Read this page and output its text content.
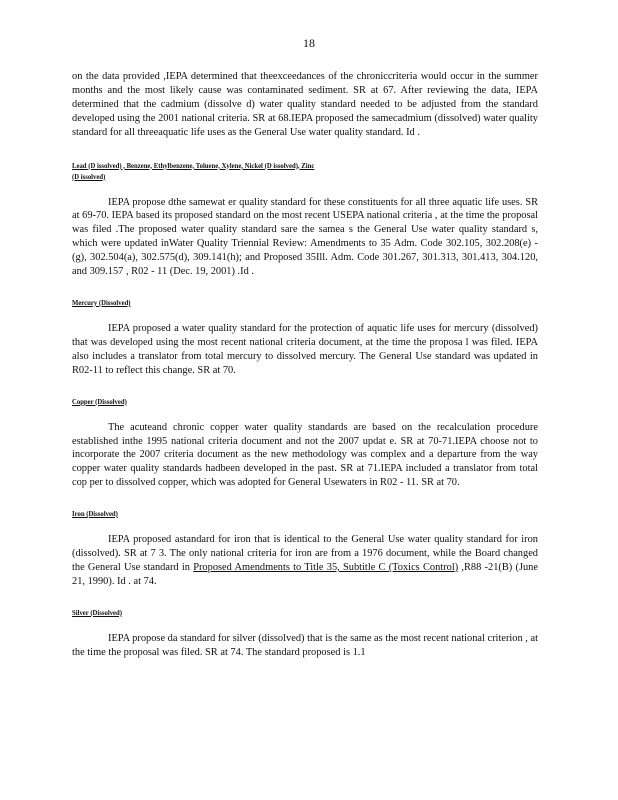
18

on the data provided ,IEPA determined that theexceedances of the chroniccriteria would occur in the summer months and the most likely cause was contaminated sediment. SR at 67. After reviewing the data, IEPA determined that the cadmium (dissolve d) water quality standard needed to be adjusted from the standard developed using the 2001 national criteria. SR at 68.IEPA proposed the samecadmium (dissolved) water quality standard for all threeaquatic life uses as the General Use water quality standard. Id .

Lead (D issolved) , Benzene, Ethylbenzene, Toluene, Xylene, Nickel (D issolved), Zinc
(D issolved)

IEPA propose dthe samewat er quality standard for these constituents for all three aquatic life uses. SR at 69-70. IEPA based its proposed standard on the most recent USEPA national criteria , at the time the proposal was filed .The proposed water quality standard sare the samea s the General Use water quality standard s, which were updated inWater Quality Triennial Review: Amendments to 35 Adm. Code 302.105, 302.208(e) -(g), 302.504(a), 302.575(d), 309.141(h); and Proposed 35Ill. Adm. Code 301.267, 301.313, 301.413, 304.120, and 309.157 , R02 - 11 (Dec. 19, 2001) .Id .

Mercury (Dissolved)

IEPA proposed a water quality standard for the protection of aquatic life uses for mercury (dissolved) that was developed using the most recent national criteria document, at the time the proposa l was filed. IEPA also includes a translator from total mercury to dissolved mercury. The General Use standard was updated in R02-11 to reflect this change. SR at 70.

Copper (Dissolved)

The acuteand chronic copper water quality standards are based on the recalculation procedure established inthe 1995 national criteria document and not the 2007 updat e. SR at 70-71.IEPA choose not to incorporate the 2007 criteria document as the new methodology was complex and a departure from the way copper water quality standards hadbeen developed in the past. SR at 71.IEPA included a translator from total cop per to dissolved copper, which was adopted for General Usewaters in R02 - 11. SR at 70.

Iron (Dissolved)

IEPA proposed astandard for iron that is identical to the General Use water quality standard for iron (dissolved). SR at 7 3. The only national criteria for iron are from a 1976 document, while the Board changed the General Use standard in Proposed Amendments to Title 35, Subtitle C (Toxics Control) ,R88 -21(B) (June 21, 1990). Id . at 74.

Silver (Dissolved)

IEPA propose da standard for silver (dissolved) that is the same as the most recent national criterion , at the time the proposal was filed. SR at 74. The standard proposed is 1.1
